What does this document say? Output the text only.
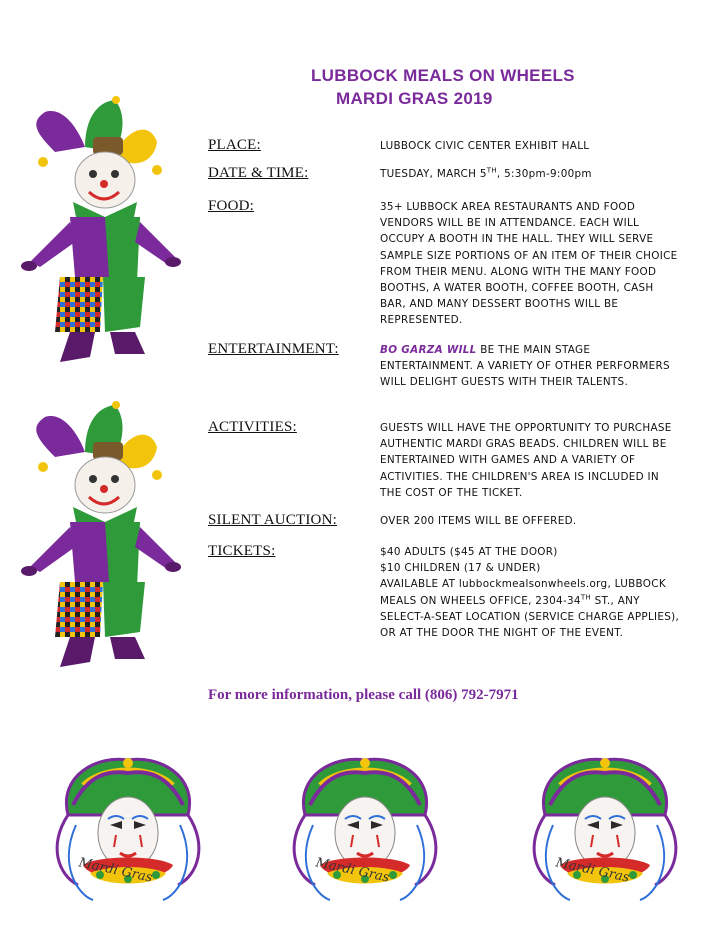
LUBBOCK MEALS ON WHEELS
MARDI GRAS 2019
PLACE:	LUBBOCK CIVIC CENTER EXHIBIT HALL
DATE & TIME:	TUESDAY, MARCH 5TH, 5:30pm-9:00pm
FOOD:	35+ LUBBOCK AREA RESTAURANTS AND FOOD VENDORS WILL BE IN ATTENDANCE. EACH WILL OCCUPY A BOOTH IN THE HALL. THEY WILL SERVE SAMPLE SIZE PORTIONS OF AN ITEM OF THEIR CHOICE FROM THEIR MENU. ALONG WITH THE MANY FOOD BOOTHS, A WATER BOOTH, COFFEE BOOTH, CASH BAR, AND MANY DESSERT BOOTHS WILL BE REPRESENTED.
ENTERTAINMENT:	BO GARZA WILL BE THE MAIN STAGE ENTERTAINMENT. A VARIETY OF OTHER PERFORMERS WILL DELIGHT GUESTS WITH THEIR TALENTS.
ACTIVITIES:	GUESTS WILL HAVE THE OPPORTUNITY TO PURCHASE AUTHENTIC MARDI GRAS BEADS. CHILDREN WILL BE ENTERTAINED WITH GAMES AND A VARIETY OF ACTIVITIES. THE CHILDREN'S AREA IS INCLUDED IN THE COST OF THE TICKET.
SILENT AUCTION:	OVER 200 ITEMS WILL BE OFFERED.
TICKETS:	$40 ADULTS ($45 AT THE DOOR)
$10 CHILDREN (17 & UNDER)
AVAILABLE AT lubbockmealsonwheels.org, LUBBOCK MEALS ON WHEELS OFFICE, 2304-34TH ST., ANY SELECT-A-SEAT LOCATION (SERVICE CHARGE APPLIES), OR AT THE DOOR THE NIGHT OF THE EVENT.
For more information, please call (806) 792-7971
Mardi Gras	Mardi Gras	Mardi Gras
